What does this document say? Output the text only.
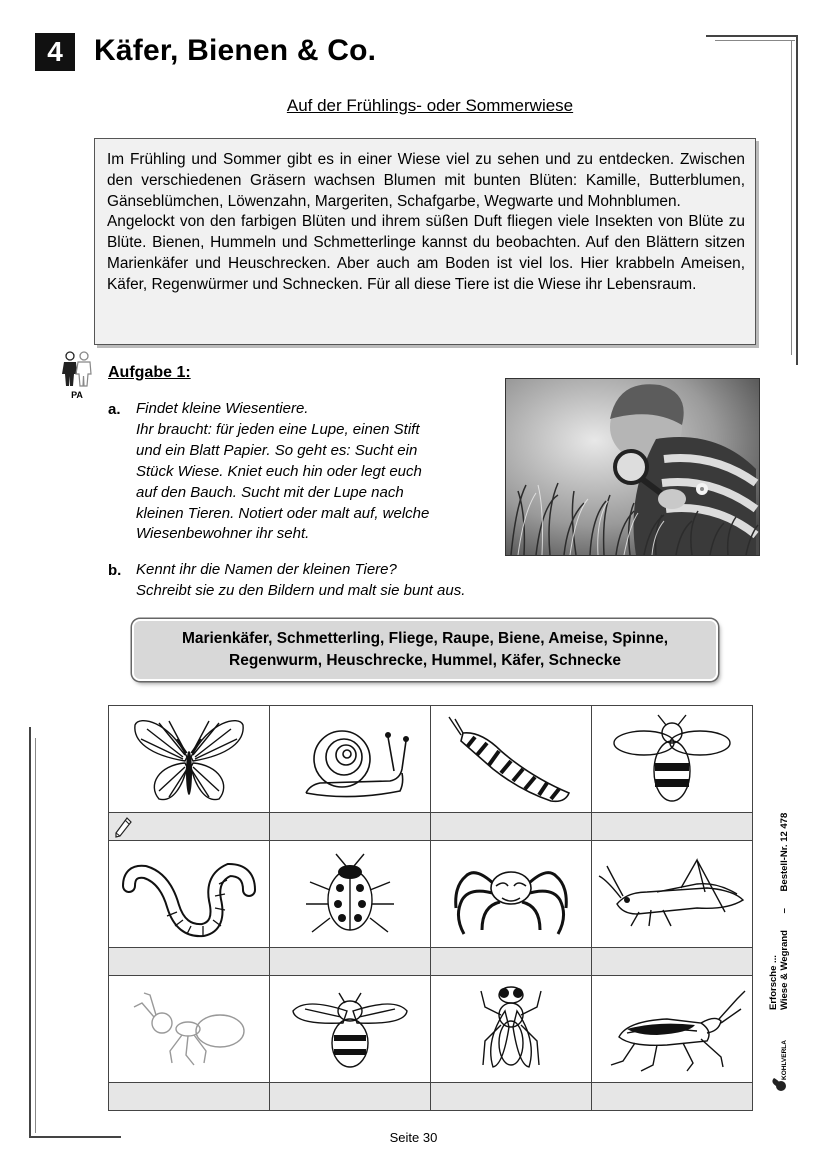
4 Käfer, Bienen & Co.
Auf der Frühlings- oder Sommerwiese

Im Frühling und Sommer gibt es in einer Wiese viel zu sehen und zu entdecken. Zwischen den verschiedenen Gräsern wachsen Blumen mit bunten Blüten: Kamille, Butterblumen, Gänseblümchen, Löwenzahn, Margeriten, Schafgarbe, Wegwarte und Mohnblumen.

Angelockt von den farbigen Blüten und ihrem süßen Duft fliegen viele Insekten von Blüte zu Blüte. Bienen, Hummeln und Schmetterlinge kannst du beobachten. Auf den Blättern sitzen Marienkäfer und Heuschrecken. Aber auch am Boden ist viel los. Hier krabbeln Ameisen, Käfer, Regenwürmer und Schnecken. Für all diese Tiere ist die Wiese ihr Lebensraum.

PA
Aufgabe 1:
a. Findet kleine Wiesentiere.
Ihr braucht: für jeden eine Lupe, einen Stift
und ein Blatt Papier. So geht es: Sucht ein
Stück Wiese. Kniet euch hin oder legt euch
auf den Bauch. Sucht mit der Lupe nach
kleinen Tieren. Notiert oder malt auf, welche
Wiesenbewohner ihr seht.
b. Kennt ihr die Namen der kleinen Tiere?
Schreibt sie zu den Bildern und malt sie bunt aus.
Marienkäfer, Schmetterling, Fliege, Raupe, Biene, Ameise, Spinne,
Regenwurm, Heuschrecke, Hummel, Käfer, Schnecke

Erforsche ... Wiese & Wegrand – Bestell-Nr. 12 478
KOHLVERLAG
Seite 30
